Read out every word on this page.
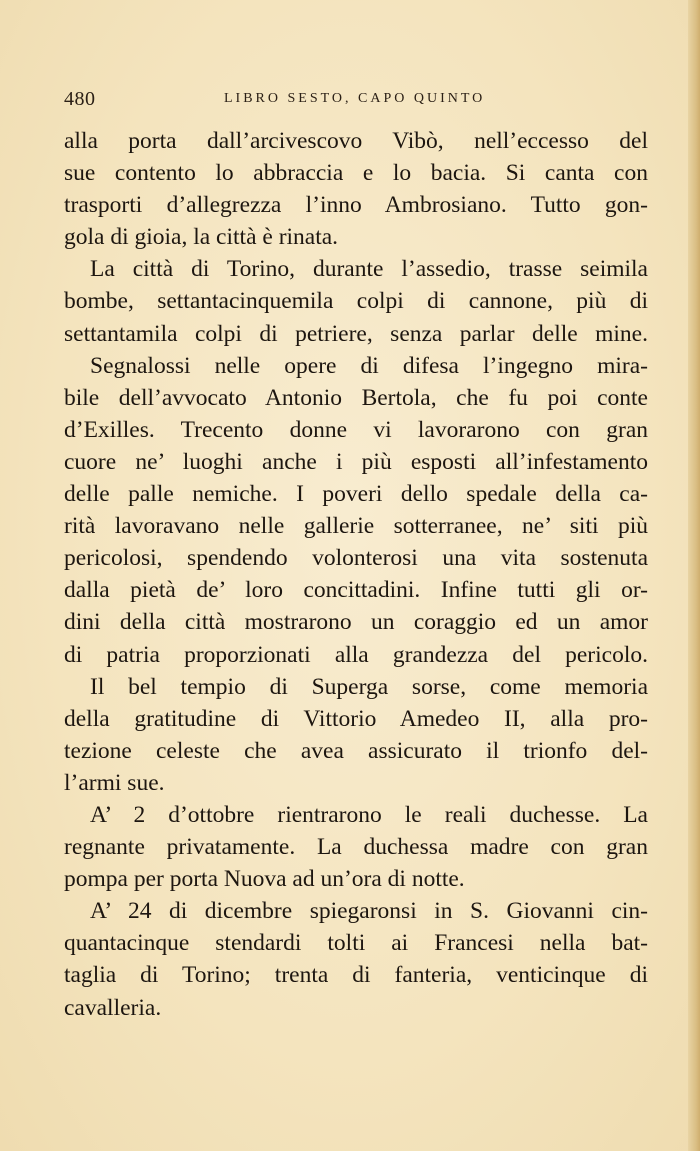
480	LIBRO SESTO, CAPO QUINTO
alla porta dall’arcivescovo Vibò, nell’eccesso del
sue contento lo abbraccia e lo bacia. Si canta con
trasporti d’allegrezza l’inno Ambrosiano. Tutto gon-
gola di gioia, la città è rinata.
La città di Torino, durante l’assedio, trasse seimila
bombe, settantacinquemila colpi di cannone, più di
settantamila colpi di petriere, senza parlar delle mine.
Segnalossi nelle opere di difesa l’ingegno mira-
bile dell’avvocato Antonio Bertola, che fu poi conte
d’Exilles. Trecento donne vi lavorarono con gran
cuore ne’ luoghi anche i più esposti all’infestamento
delle palle nemiche. I poveri dello spedale della ca-
rità lavoravano nelle gallerie sotterranee, ne’ siti più
pericolosi, spendendo volonterosi una vita sostenuta
dalla pietà de’ loro concittadini. Infine tutti gli or-
dini della città mostrarono un coraggio ed un amor
di patria proporzionati alla grandezza del pericolo.
Il bel tempio di Superga sorse, come memoria
della gratitudine di Vittorio Amedeo II, alla pro-
tezione celeste che avea assicurato il trionfo del-
l’armi sue.
A’ 2 d’ottobre rientrarono le reali duchesse. La
regnante privatamente. La duchessa madre con gran
pompa per porta Nuova ad un’ora di notte.
A’ 24 di dicembre spiegaronsi in S. Giovanni cin-
quantacinque stendardi tolti ai Francesi nella bat-
taglia di Torino; trenta di fanteria, venticinque di
cavalleria.
